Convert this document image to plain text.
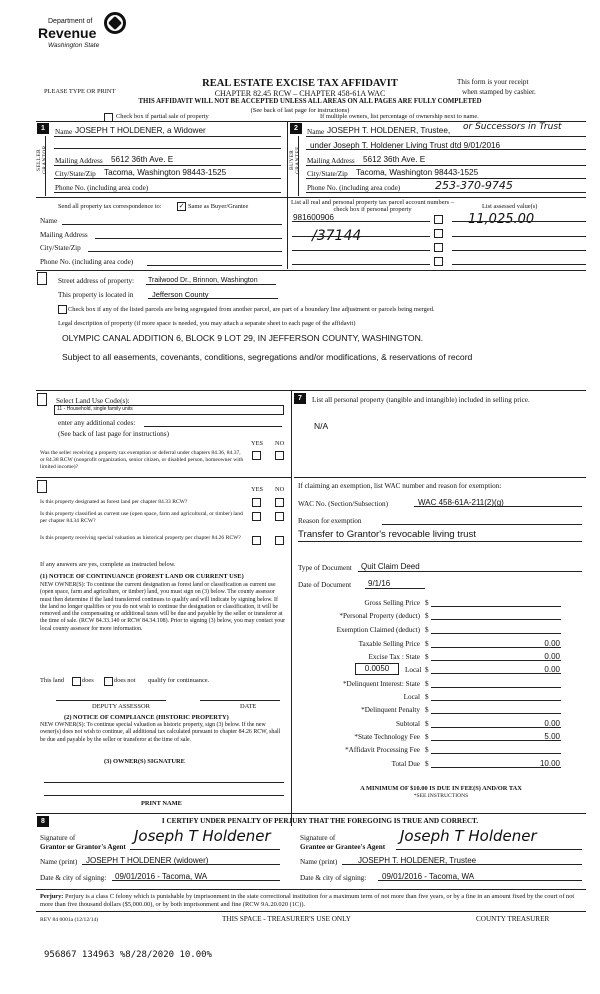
Department of
Revenue
Washington State
PLEASE TYPE OR PRINT
REAL ESTATE EXCISE TAX AFFIDAVIT
CHAPTER 82.45 RCW – CHAPTER 458-61A WAC
This form is your receipt
when stamped by cashier.
THIS AFFIDAVIT WILL NOT BE ACCEPTED UNLESS ALL AREAS ON ALL PAGES ARE FULLY COMPLETED
(See back of last page for instructions)
Check box if partial sale of property	If multiple owners, list percentage of ownership next to name.
1
SELLER GRANTOR
Name JOSEPH T HOLDENER, a Widower
Mailing Address 5612 36th Ave. E
City/State/Zip Tacoma, Washington 98443-1525
Phone No. (including area code)
2
BUYER GRANTEE
Name JOSEPH T. HOLDENER, Trustee, or Successors in Trust
under Joseph T. Holdener Living Trust dtd 9/01/2016
Mailing Address 5612 36th Ave. E
City/State/Zip Tacoma, Washington 98443-1525
Phone No. (including area code)	253-370-9745
Send all property tax correspondence to: ✓ Same as Buyer/Grantee
Name
Mailing Address
City/State/Zip
Phone No. (including area code)
List all real and personal property tax parcel account numbers – check box if personal property	List assessed value(s)
981600906	11,025.00
/37144
Street address of property: Trailwood Dr., Brinnon, Washington
This property is located in Jefferson County
Check box if any of the listed parcels are being segregated from another parcel, are part of a boundary line adjustment or parcels being merged.
Legal description of property (if more space is needed, you may attach a separate sheet to each page of the affidavit)
OLYMPIC CANAL ADDITION 6, BLOCK 9 LOT 29, IN JEFFERSON COUNTY, WASHINGTON.
Subject to all easements, covenants, conditions, segregations and/or modifications, & reservations of record
Select Land Use Code(s):
11 - Household, single family units
enter any additional codes:
(See back of last page for instructions)
YES NO
Was the seller receiving a property tax exemption or deferral under chapters 84.36, 84.37, or 84.38 RCW (nonprofit organization, senior citizen, or disabled person, homeowner with limited income)?
YES NO
Is this property designated as forest land per chapter 84.33 RCW?
Is this property classified as current use (open space, farm and agricultural, or timber) land per chapter 84.34 RCW?
Is this property receiving special valuation as historical property per chapter 84.26 RCW?
If any answers are yes, complete as instructed below.
(1) NOTICE OF CONTINUANCE (FOREST LAND OR CURRENT USE)
NEW OWNER(S): To continue the current designation as forest land or classification as current use (open space, farm and agriculture, or timber) land, you must sign on (3) below. The county assessor must then determine if the land transferred continues to qualify and will indicate by signing below. If the land no longer qualifies or you do not wish to continue the designation or classification, it will be removed and the compensating or additional taxes will be due and payable by the seller or transferor at the time of sale. (RCW 84.33.140 or RCW 84.34.108). Prior to signing (3) below, you may contact your local county assessor for more information.
This land	does	does not qualify for continuance.
DEPUTY ASSESSOR	DATE
(2) NOTICE OF COMPLIANCE (HISTORIC PROPERTY)
NEW OWNER(S): To continue special valuation as historic property, sign (3) below. If the new owner(s) does not wish to continue, all additional tax calculated pursuant to chapter 84.26 RCW, shall be due and payable by the seller or transferor at the time of sale.
(3) OWNER(S) SIGNATURE
PRINT NAME
7	List all personal property (tangible and intangible) included in selling price.
N/A
If claiming an exemption, list WAC number and reason for exemption:
WAC No. (Section/Subsection)	WAC 458-61A-211(2)(g)
Reason for exemption
Transfer to Grantor's revocable living trust
Type of Document Quit Claim Deed
Date of Document 9/1/16
Gross Selling Price $
*Personal Property (deduct) $
Exemption Claimed (deduct) $
Taxable Selling Price $	0.00
Excise Tax : State $	0.00
0.0050	Local $	0.00
*Delinquent Interest: State $
Local $
*Delinquent Penalty $
Subtotal $	0.00
*State Technology Fee $	5.00
*Affidavit Processing Fee $
Total Due $	10.00
A MINIMUM OF $10.00 IS DUE IN FEE(S) AND/OR TAX
*SEE INSTRUCTIONS
8	I CERTIFY UNDER PENALTY OF PERJURY THAT THE FOREGOING IS TRUE AND CORRECT.
Signature of
Grantor or Grantor's Agent
Joseph T Holdener
Name (print) JOSEPH T HOLDENER (widower)
Date & city of signing: 09/01/2016 - Tacoma, WA
Signature of
Grantee or Grantee's Agent
Joseph T Holdener
Name (print)	JOSEPH T. HOLDENER, Trustee
Date & city of signing: 09/01/2016 - Tacoma, WA
Perjury: Perjury is a class C felony which is punishable by imprisonment in the state correctional institution for a maximum term of not more than five years, or by a fine in an amount fixed by the court of not more than five thousand dollars ($5,000.00), or by both imprisonment and fine (RCW 9A.20.020 (1C)).
REV 84 0001a (12/12/14)	THIS SPACE - TREASURER'S USE ONLY	COUNTY TREASURER
956867 134963 %8/28/2020 10.00%
